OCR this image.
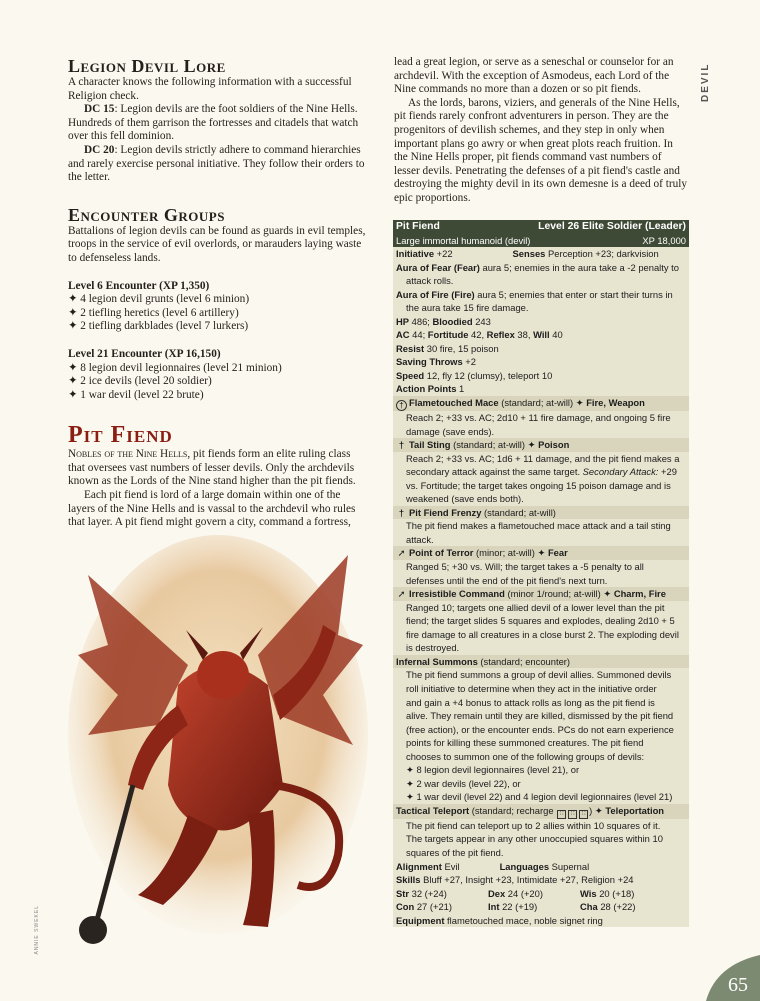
Legion Devil Lore

A character knows the following information with a successful Religion check.

DC 15: Legion devils are the foot soldiers of the Nine Hells. Hundreds of them garrison the fortresses and citadels that watch over this fell dominion.

DC 20: Legion devils strictly adhere to command hierarchies and rarely exercise personal initiative. They follow their orders to the letter.

Encounter Groups

Battalions of legion devils can be found as guards in evil temples, troops in the service of evil overlords, or marauders laying waste to defenseless lands.

Level 6 Encounter (XP 1,350)

✦ 4 legion devil grunts (level 6 minion)

✦ 2 tiefling heretics (level 6 artillery)

✦ 2 tiefling darkblades (level 7 lurkers)

Level 21 Encounter (XP 16,150)

✦ 8 legion devil legionnaires (level 21 minion)

✦ 2 ice devils (level 20 soldier)

✦ 1 war devil (level 22 brute)

Pit Fiend

Nobles of the Nine Hells, pit fiends form an elite ruling class that oversees vast numbers of lesser devils. Only the archdevils known as the Lords of the Nine stand higher than the pit fiends.

Each pit fiend is lord of a large domain within one of the layers of the Nine Hells and is vassal to the archdevil who rules that layer. A pit fiend might govern a city, command a fortress,

lead a great legion, or serve as a seneschal or counselor for an archdevil. With the exception of Asmodeus, each Lord of the Nine commands no more than a dozen or so pit fiends.

As the lords, barons, viziers, and generals of the Nine Hells, pit fiends rarely confront adventurers in person. They are the progenitors of devilish schemes, and they step in only when important plans go awry or when great plots reach fruition. In the Nine Hells proper, pit fiends command vast numbers of lesser devils. Penetrating the defenses of a pit fiend's castle and destroying the mighty devil in its own demesne is a deed of truly epic proportions.

DEVIL
Pit Fiend	Level 26 Elite Soldier (Leader)
Large immortal humanoid (devil)	XP 18,000
Initiative +22	Senses Perception +23; darkvision
Aura of Fear (Fear) aura 5; enemies in the aura take a -2 penalty to
attack rolls.
Aura of Fire (Fire) aura 5; enemies that enter or start their turns in
the aura take 15 fire damage.
HP 486; Bloodied 243
AC 44; Fortitude 42, Reflex 38, Will 40
Resist 30 fire, 15 poison
Saving Throws +2
Speed 12, fly 12 (clumsy), teleport 10
Action Points 1
† Flametouched Mace (standard; at-will) ✦ Fire, Weapon
Reach 2; +33 vs. AC; 2d10 + 11 fire damage, and ongoing 5 fire
damage (save ends).
† Tail Sting (standard; at-will) ✦ Poison
Reach 2; +33 vs. AC; 1d6 + 11 damage, and the pit fiend makes a
secondary attack against the same target. Secondary Attack: +29
vs. Fortitude; the target takes ongoing 15 poison damage and is
weakened (save ends both).
† Pit Fiend Frenzy (standard; at-will)
The pit fiend makes a flametouched mace attack and a tail sting
attack.
➚ Point of Terror (minor; at-will) ✦ Fear
Ranged 5; +30 vs. Will; the target takes a -5 penalty to all
defenses until the end of the pit fiend's next turn.
➚ Irresistible Command (minor 1/round; at-will) ✦ Charm, Fire
Ranged 10; targets one allied devil of a lower level than the pit
fiend; the target slides 5 squares and explodes, dealing 2d10 + 5
fire damage to all creatures in a close burst 2. The exploding devil
is destroyed.
Infernal Summons (standard; encounter)
The pit fiend summons a group of devil allies. Summoned devils
roll initiative to determine when they act in the initiative order
and gain a +4 bonus to attack rolls as long as the pit fiend is
alive. They remain until they are killed, dismissed by the pit fiend
(free action), or the encounter ends. PCs do not earn experience
points for killing these summoned creatures. The pit fiend
chooses to summon one of the following groups of devils:
✦ 8 legion devil legionnaires (level 21), or
✦ 2 war devils (level 22), or
✦ 1 war devil (level 22) and 4 legion devil legionnaires (level 21)
Tactical Teleport (standard; recharge ∷ ∷ ∷ ) ✦ Teleportation
The pit fiend can teleport up to 2 allies within 10 squares of it.
The targets appear in any other unoccupied squares within 10
squares of the pit fiend.
Alignment Evil	Languages Supernal
Skills Bluff +27, Insight +23, Intimidate +27, Religion +24
Str 32 (+24)	Dex 24 (+20)	Wis 20 (+18)
Con 27 (+21)	Int 22 (+19)	Cha 28 (+22)
Equipment flametouched mace, noble signet ring
ANNIE SWEKEL
65
